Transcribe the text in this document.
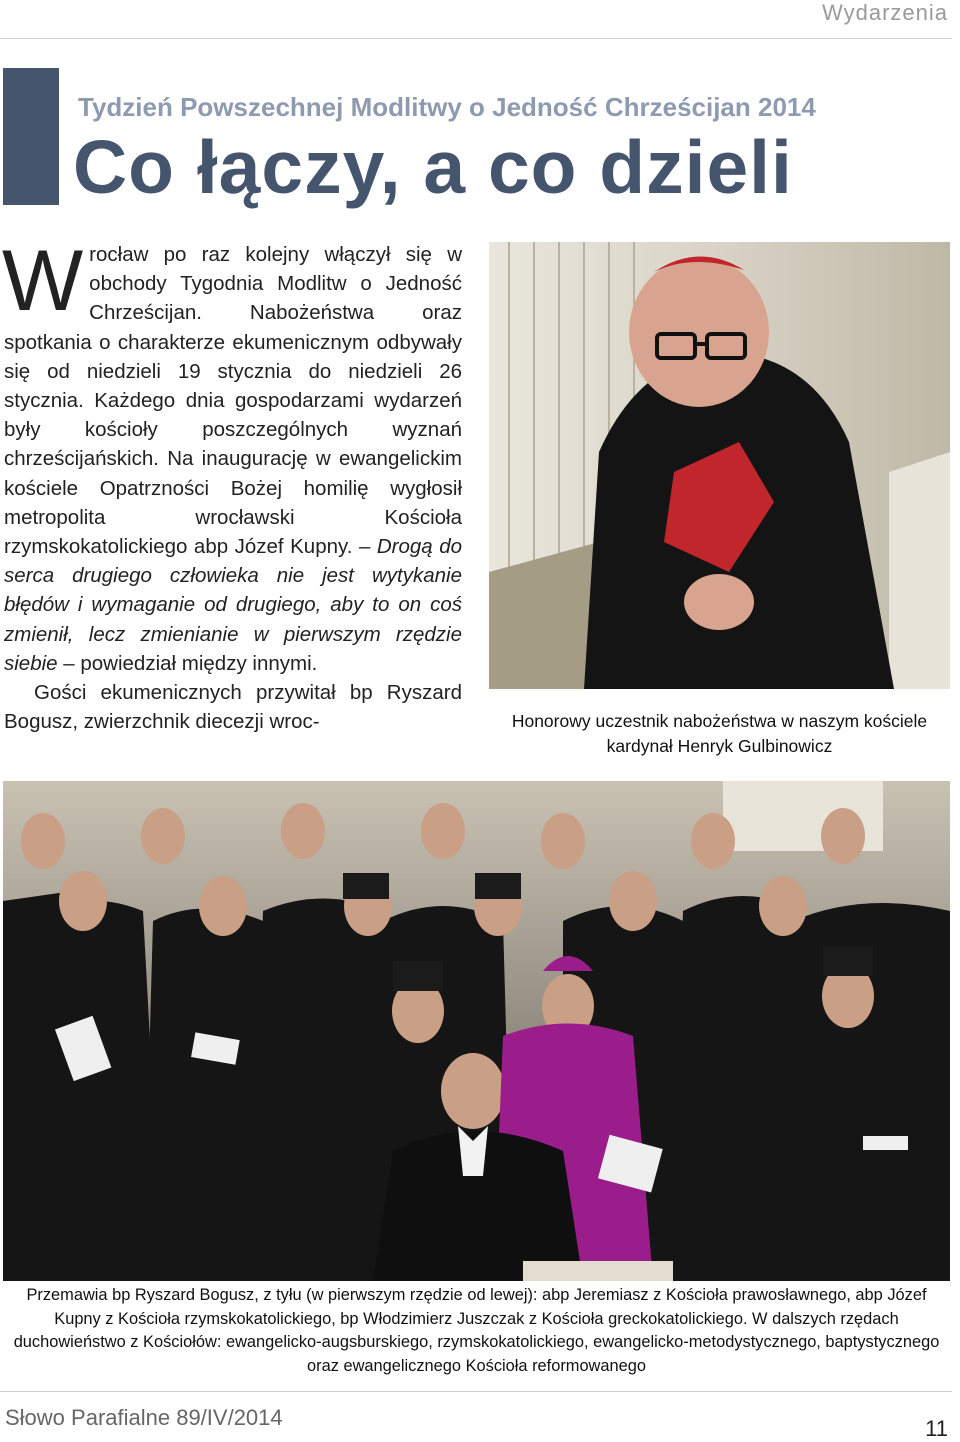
Wydarzenia
Tydzień Powszechnej Modlitwy o Jedność Chrześcijan 2014
Co łączy, a co dzieli
Wrocław po raz kolejny włączył się w obchody Tygodnia Modlitw o Jedność Chrześcijan. Nabożeństwa oraz spotkania o charakterze ekumenicznym odbywały się od niedzieli 19 stycznia do niedzieli 26 stycznia. Każdego dnia gospodarzami wydarzeń były kościoły poszczególnych wyznań chrześcijańskich. Na inaugurację w ewangelickim kościele Opatrzności Bożej homilię wygłosił metropolita wrocławski Kościoła rzymskokatolickiego abp Józef Kupny. – Drogą do serca drugiego człowieka nie jest wytykanie błędów i wymaganie od drugiego, aby to on coś zmienił, lecz zmienianie w pierwszym rzędzie siebie – powiedział między innymi.
Gości ekumenicznych przywitał bp Ryszard Bogusz, zwierzchnik diecezji wroc-	Honorowy uczestnik nabożeństwa w naszym kościele kardynał Henryk Gulbinowicz
Przemawia bp Ryszard Bogusz, z tyłu (w pierwszym rzędzie od lewej): abp Jeremiasz z Kościoła prawosławnego, abp Józef Kupny z Kościoła rzymskokatolickiego, bp Włodzimierz Juszczak z Kościoła greckokatolickiego. W dalszych rzędach duchowieństwo z Kościołów: ewangelicko-augsburskiego, rzymskokatolickiego, ewangelicko-metodystycznego, baptystycznego oraz ewangelicznego Kościoła reformowanego
Słowo Parafialne 89/IV/2014	11
